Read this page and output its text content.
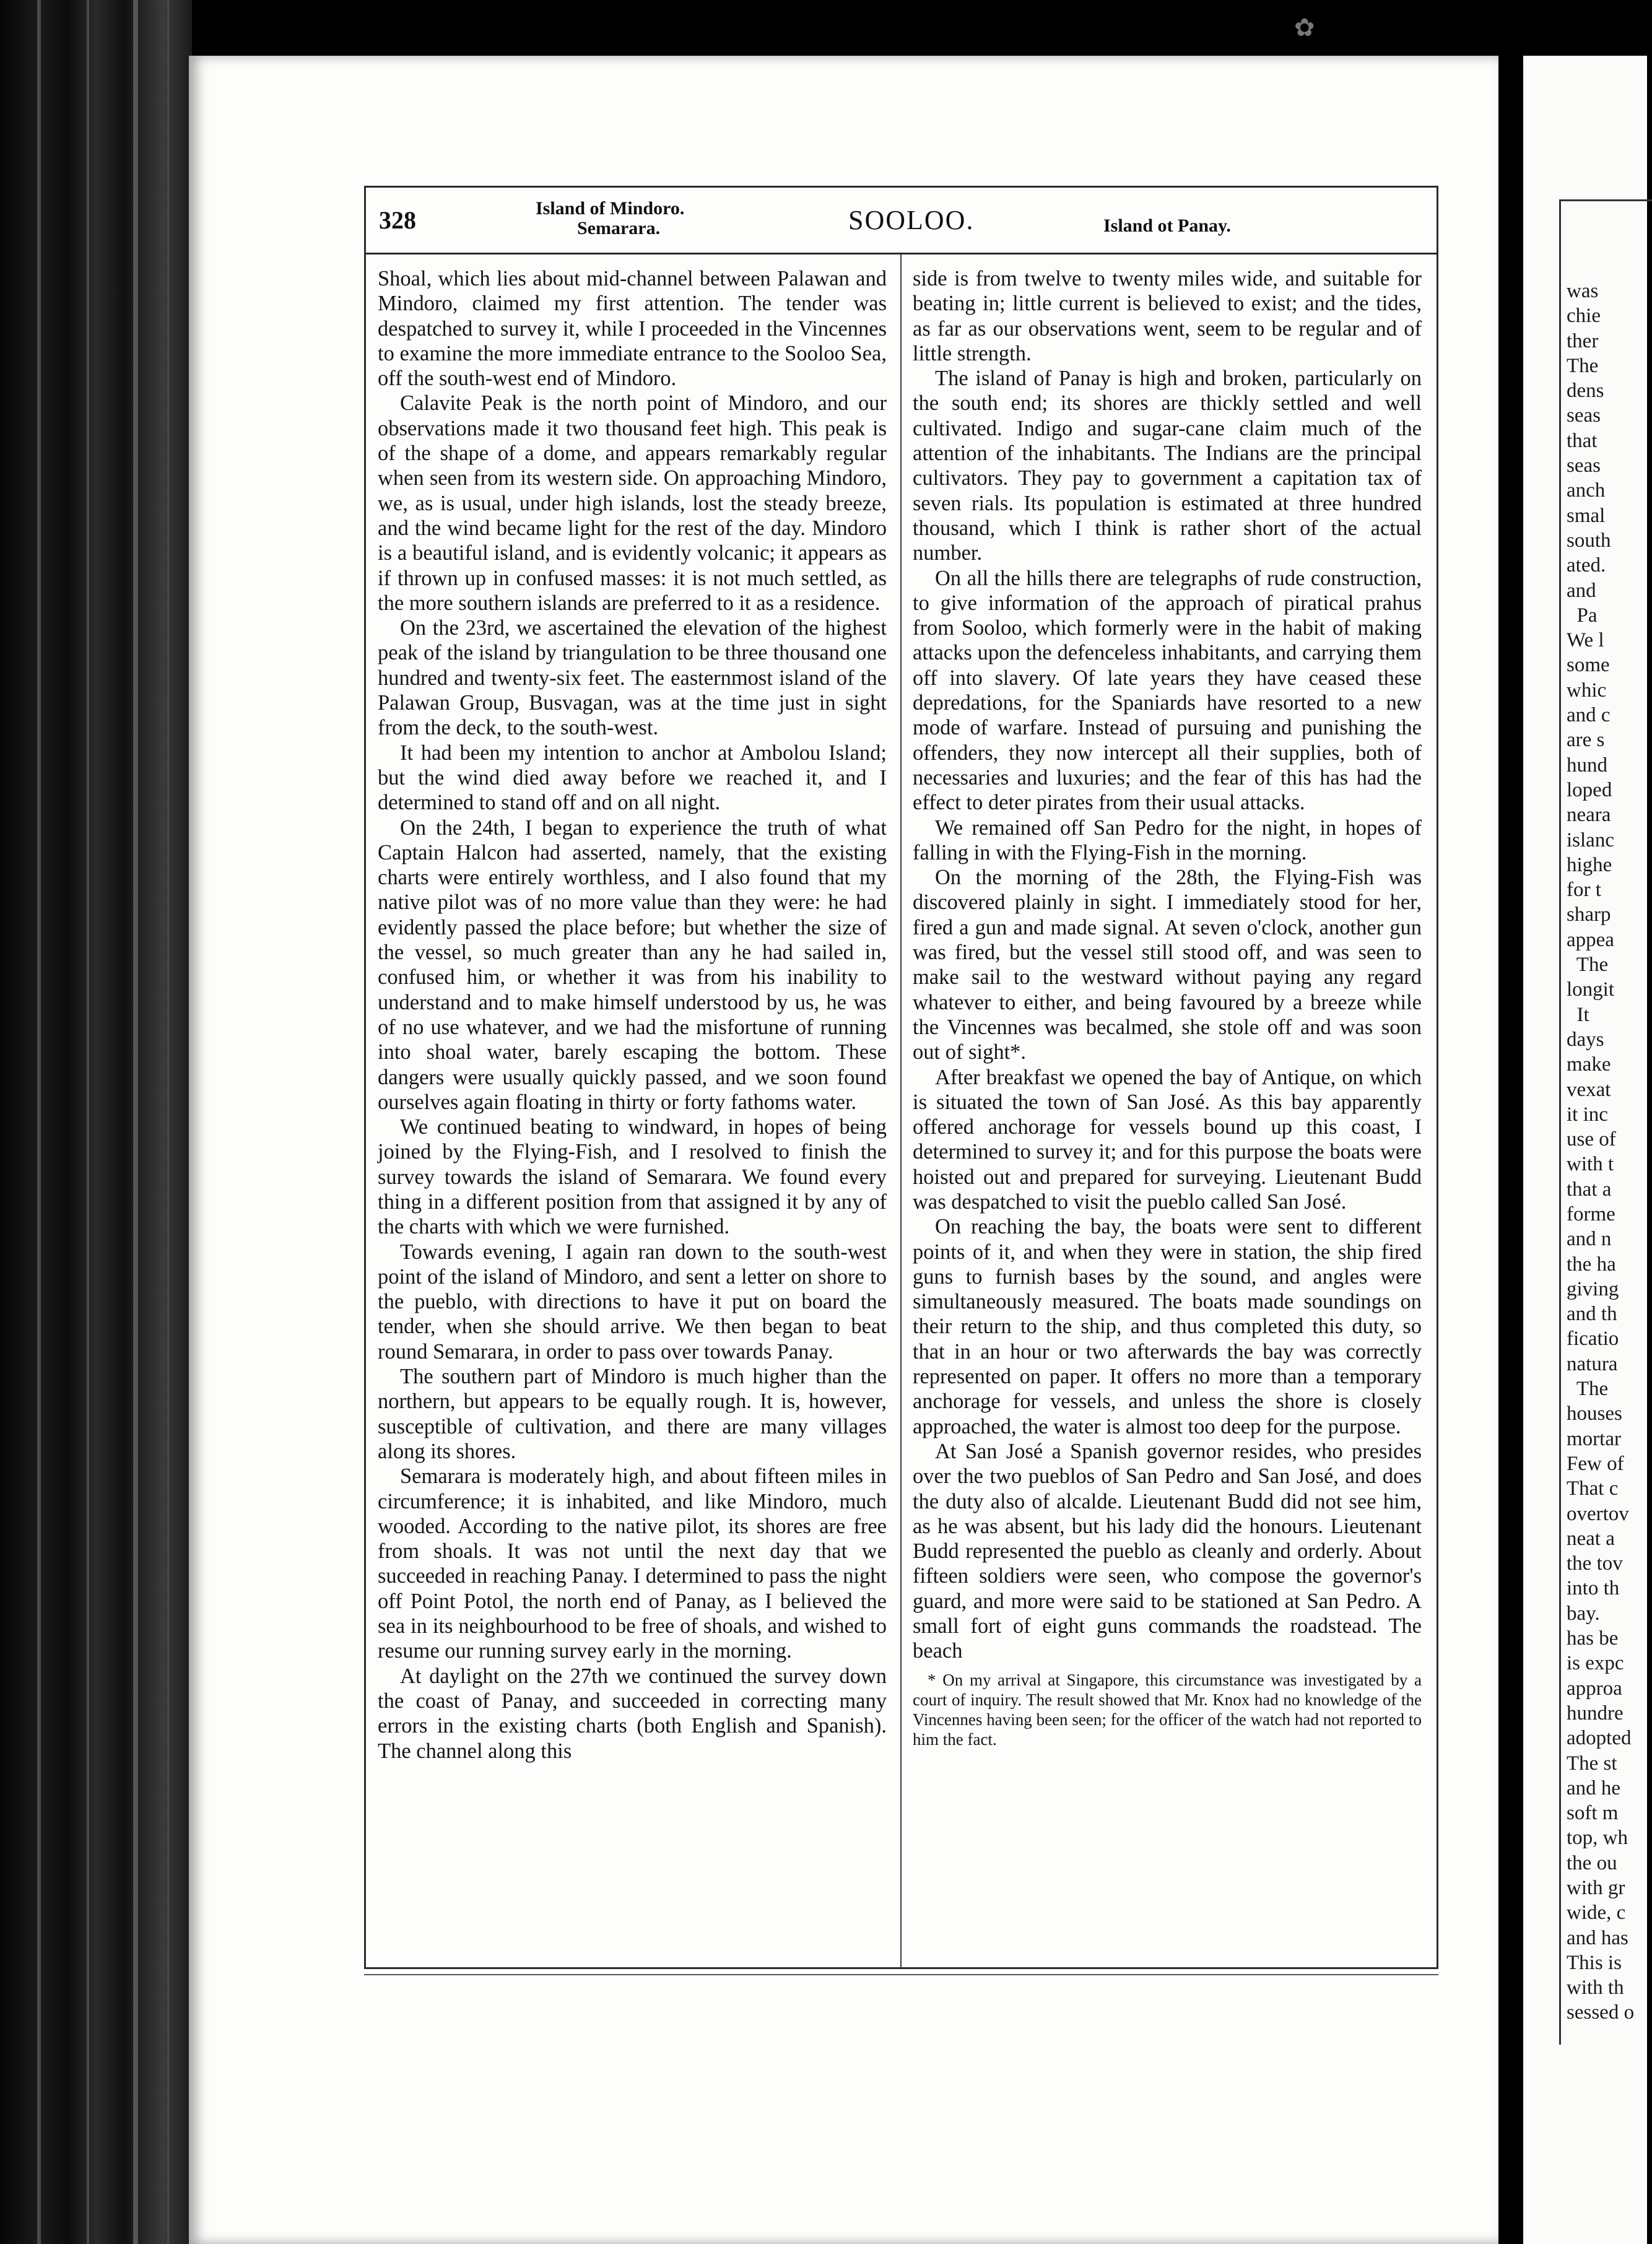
✿
was
chie
ther
The
dens
seas
that
seas
anch
smal
south
ated.
and
Pa
We l
some
whic
and c
are s
hund
loped
neara
islanc
highe
for t
sharp
appea
The
longit
It
days
make
vexat
it inc
use of
with t
that a
forme
and n
the ha
giving
and th
ficatio
natura
The
houses
mortar
Few of
That c
overtov
neat a
the tov
into th
bay.
has be
is expc
approa
hundre
adopted
The st
and he
soft m
top, wh
the ou
with gr
wide, c
and has
This is
with th
sessed o
328	Island of Mindoro.
Semarara.	SOOLOO.	Island ot Panay.

Shoal, which lies about mid-channel between Palawan and Mindoro, claimed my first attention. The tender was despatched to survey it, while I proceeded in the Vincennes to examine the more immediate entrance to the Sooloo Sea, off the south-west end of Mindoro.

Calavite Peak is the north point of Mindoro, and our observations made it two thousand feet high. This peak is of the shape of a dome, and appears remarkably regular when seen from its western side. On approaching Mindoro, we, as is usual, under high islands, lost the steady breeze, and the wind became light for the rest of the day. Mindoro is a beautiful island, and is evidently volcanic; it appears as if thrown up in confused masses: it is not much settled, as the more southern islands are preferred to it as a residence.

On the 23rd, we ascertained the elevation of the highest peak of the island by triangulation to be three thousand one hundred and twenty-six feet. The easternmost island of the Palawan Group, Busvagan, was at the time just in sight from the deck, to the south-west.

It had been my intention to anchor at Ambolou Island; but the wind died away before we reached it, and I determined to stand off and on all night.

On the 24th, I began to experience the truth of what Captain Halcon had asserted, namely, that the existing charts were entirely worthless, and I also found that my native pilot was of no more value than they were: he had evidently passed the place before; but whether the size of the vessel, so much greater than any he had sailed in, confused him, or whether it was from his inability to understand and to make himself understood by us, he was of no use whatever, and we had the misfortune of running into shoal water, barely escaping the bottom. These dangers were usually quickly passed, and we soon found ourselves again floating in thirty or forty fathoms water.

We continued beating to windward, in hopes of being joined by the Flying-Fish, and I resolved to finish the survey towards the island of Semarara. We found every thing in a different position from that assigned it by any of the charts with which we were furnished.

Towards evening, I again ran down to the south-west point of the island of Mindoro, and sent a letter on shore to the pueblo, with directions to have it put on board the tender, when she should arrive. We then began to beat round Semarara, in order to pass over towards Panay.

The southern part of Mindoro is much higher than the northern, but appears to be equally rough. It is, however, susceptible of cultivation, and there are many villages along its shores.

Semarara is moderately high, and about fifteen miles in circumference; it is inhabited, and like Mindoro, much wooded. According to the native pilot, its shores are free from shoals. It was not until the next day that we succeeded in reaching Panay. I determined to pass the night off Point Potol, the north end of Panay, as I believed the sea in its neighbourhood to be free of shoals, and wished to resume our running survey early in the morning.

At daylight on the 27th we continued the survey down the coast of Panay, and succeeded in correcting many errors in the existing charts (both English and Spanish). The channel along this

side is from twelve to twenty miles wide, and suitable for beating in; little current is believed to exist; and the tides, as far as our observations went, seem to be regular and of little strength.

The island of Panay is high and broken, particularly on the south end; its shores are thickly settled and well cultivated. Indigo and sugar-cane claim much of the attention of the inhabitants. The Indians are the principal cultivators. They pay to government a capitation tax of seven rials. Its population is estimated at three hundred thousand, which I think is rather short of the actual number.

On all the hills there are telegraphs of rude construction, to give information of the approach of piratical prahus from Sooloo, which formerly were in the habit of making attacks upon the defenceless inhabitants, and carrying them off into slavery. Of late years they have ceased these depredations, for the Spaniards have resorted to a new mode of warfare. Instead of pursuing and punishing the offenders, they now intercept all their supplies, both of necessaries and luxuries; and the fear of this has had the effect to deter pirates from their usual attacks.

We remained off San Pedro for the night, in hopes of falling in with the Flying-Fish in the morning.

On the morning of the 28th, the Flying-Fish was discovered plainly in sight. I immediately stood for her, fired a gun and made signal. At seven o'clock, another gun was fired, but the vessel still stood off, and was seen to make sail to the westward without paying any regard whatever to either, and being favoured by a breeze while the Vincennes was becalmed, she stole off and was soon out of sight*.

After breakfast we opened the bay of Antique, on which is situated the town of San José. As this bay apparently offered anchorage for vessels bound up this coast, I determined to survey it; and for this purpose the boats were hoisted out and prepared for surveying. Lieutenant Budd was despatched to visit the pueblo called San José.

On reaching the bay, the boats were sent to different points of it, and when they were in station, the ship fired guns to furnish bases by the sound, and angles were simultaneously measured. The boats made soundings on their return to the ship, and thus completed this duty, so that in an hour or two afterwards the bay was correctly represented on paper. It offers no more than a temporary anchorage for vessels, and unless the shore is closely approached, the water is almost too deep for the purpose.

At San José a Spanish governor resides, who presides over the two pueblos of San Pedro and San José, and does the duty also of alcalde. Lieutenant Budd did not see him, as he was absent, but his lady did the honours. Lieutenant Budd represented the pueblo as cleanly and orderly. About fifteen soldiers were seen, who compose the governor's guard, and more were said to be stationed at San Pedro. A small fort of eight guns commands the roadstead. The beach

* On my arrival at Singapore, this circumstance was investigated by a court of inquiry. The result showed that Mr. Knox had no knowledge of the Vincennes having been seen; for the officer of the watch had not reported to him the fact.
